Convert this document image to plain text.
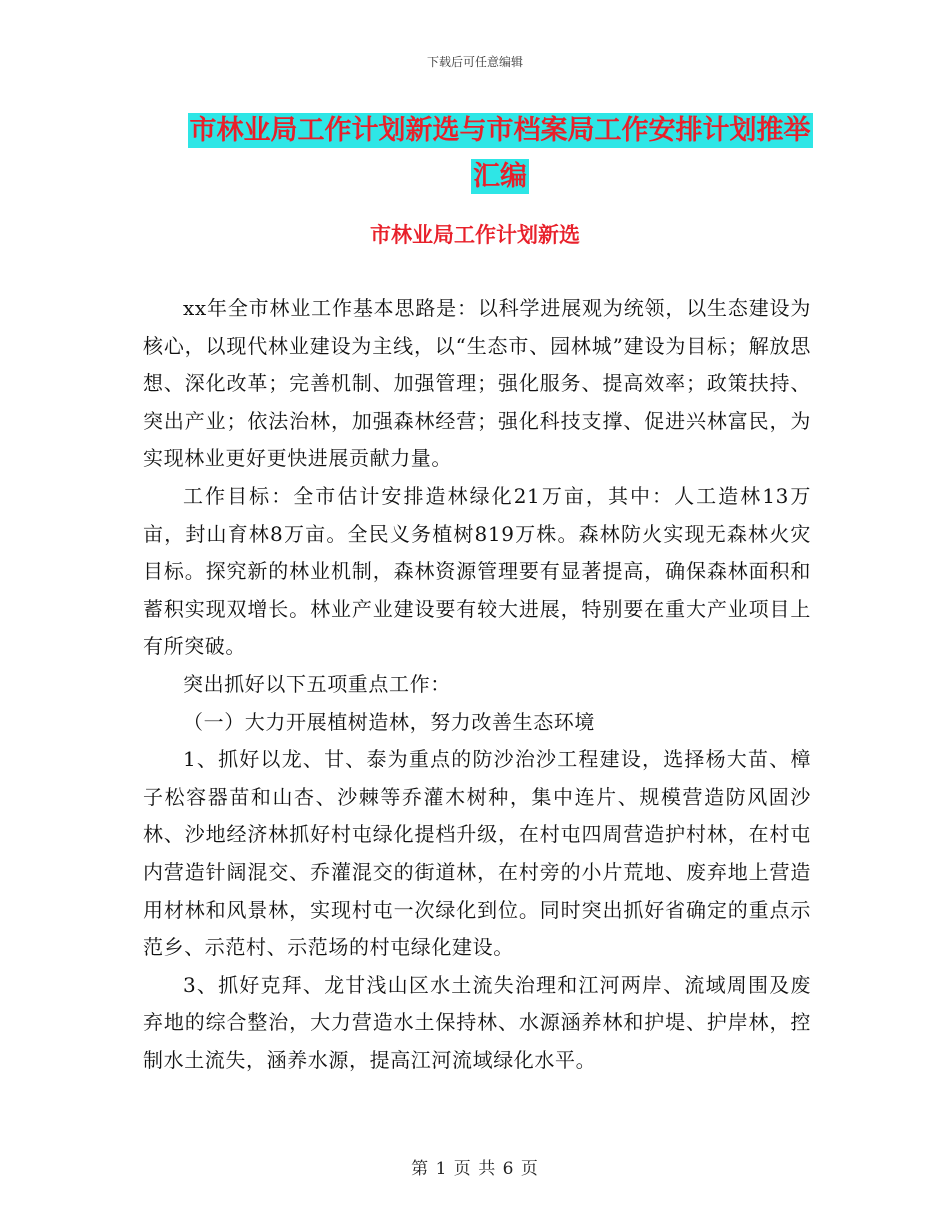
下载后可任意编辑
市林业局工作计划新选与市档案局工作安排计划推举
汇编
市林业局工作计划新选

xx年全市林业工作基本思路是：以科学进展观为统领，以生态建设为核心，以现代林业建设为主线，以“生态市、园林城”建设为目标；解放思想、深化改革；完善机制、加强管理；强化服务、提高效率；政策扶持、突出产业；依法治林，加强森林经营；强化科技支撑、促进兴林富民，为实现林业更好更快进展贡献力量。

工作目标：全市估计安排造林绿化21万亩，其中：人工造林13万亩，封山育林8万亩。全民义务植树819万株。森林防火实现无森林火灾目标。探究新的林业机制，森林资源管理要有显著提高，确保森林面积和蓄积实现双增长。林业产业建设要有较大进展，特别要在重大产业项目上有所突破。

突出抓好以下五项重点工作：

（一）大力开展植树造林，努力改善生态环境

1、抓好以龙、甘、泰为重点的防沙治沙工程建设，选择杨大苗、樟子松容器苗和山杏、沙棘等乔灌木树种，集中连片、规模营造防风固沙林、沙地经济林抓好村屯绿化提档升级，在村屯四周营造护村林，在村屯内营造针阔混交、乔灌混交的街道林，在村旁的小片荒地、废弃地上营造用材林和风景林，实现村屯一次绿化到位。同时突出抓好省确定的重点示范乡、示范村、示范场的村屯绿化建设。

3、抓好克拜、龙甘浅山区水土流失治理和江河两岸、流域周围及废弃地的综合整治，大力营造水土保持林、水源涵养林和护堤、护岸林，控制水土流失，涵养水源，提高江河流域绿化水平。

第 1 页 共 6 页
